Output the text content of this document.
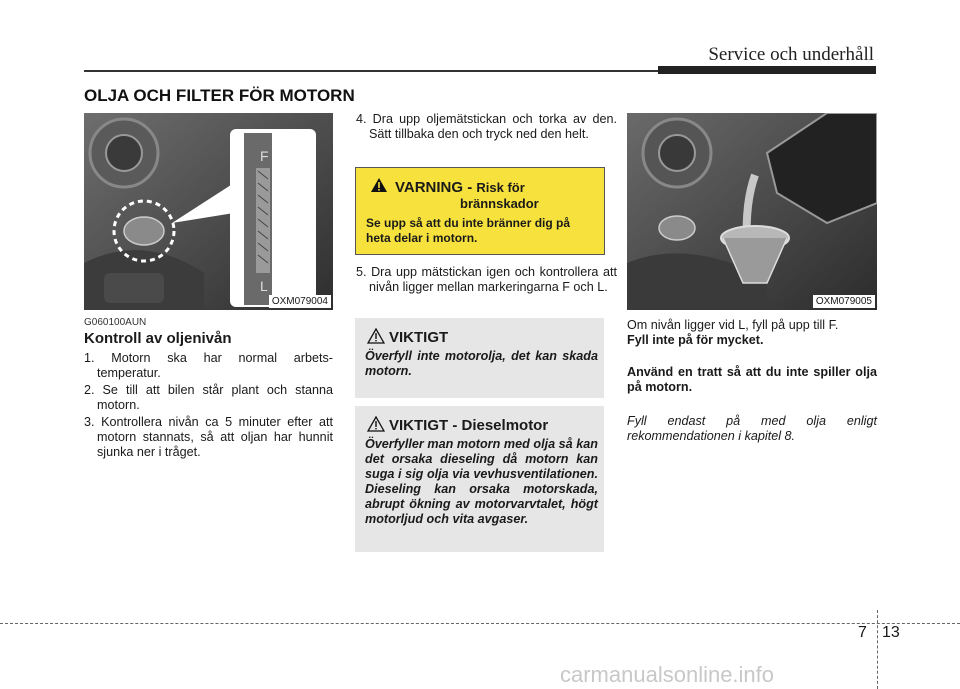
Service och underhåll
OLJA OCH FILTER FÖR MOTORN
F
L
OXM079004
G060100AUN
Kontroll av oljenivån
1. Motorn ska har normal arbets- temperatur.
2. Se till att bilen står plant och stanna motorn.
3. Kontrollera nivån ca 5 minuter efter att motorn stannats, så att oljan har hunnit sjunka ner i tråget.
4. Dra upp oljemätstickan och torka av den. Sätt tillbaka den och tryck ned den helt.
VARNING - Risk för
brännskador
Se upp så att du inte bränner dig på heta delar i motorn.
5. Dra upp mätstickan igen och kontrollera att nivån ligger mellan markeringarna F och L.
VIKTIGT
Överfyll inte motorolja, det kan skada motorn.
VIKTIGT - Dieselmotor
Överfyller man motorn med olja så kan det orsaka dieseling då motorn kan suga i sig olja via vevhusventilationen. Dieseling kan orsaka motorskada, abrupt ökning av motorvarvtalet, högt motorljud och vita avgaser.
OXM079005
Om nivån ligger vid L, fyll på upp till F.
Fyll inte på för mycket.
Använd en tratt så att du inte spiller olja på motorn.
Fyll endast på med olja enligt rekommendationen i kapitel 8.
7 13
carmanualsonline.info
